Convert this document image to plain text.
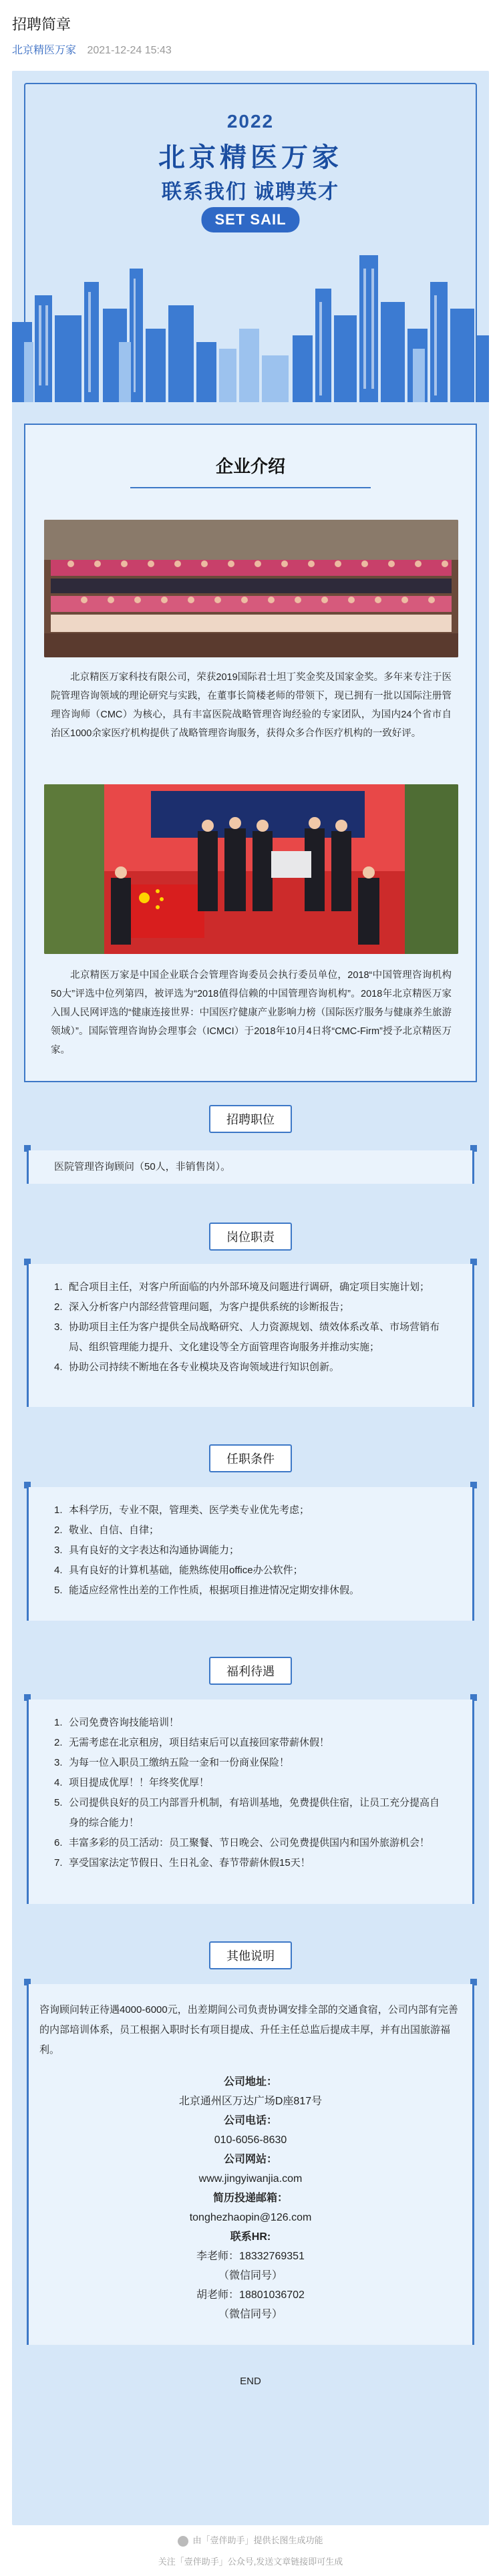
招聘简章
北京精医万家 2021-12-24 15:43
2022
北京精医万家
联系我们 诚聘英才
SET SAIL
企业介绍
北京精医万家科技有限公司，荣获2019国际君士坦丁奖金奖及国家金奖。多年来专注于医院管理咨询领域的理论研究与实践，在董事长简楼老师的带领下，现已拥有一批以国际注册管理咨询师（CMC）为核心，具有丰富医院战略管理咨询经验的专家团队，为国内24个省市自治区1000余家医疗机构提供了战略管理咨询服务，获得众多合作医疗机构的一致好评。
北京精医万家是中国企业联合会管理咨询委员会执行委员单位，2018“中国管理咨询机构50大”评选中位列第四，被评选为“2018值得信赖的中国管理咨询机构”。2018年北京精医万家入围人民网评选的“健康连接世界：中国医疗健康产业影响力榜（国际医疗服务与健康养生旅游领域）”。国际管理咨询协会理事会（ICMCI）于2018年10月4日将“CMC-Firm”授予北京精医万家。
招聘职位
医院管理咨询顾问（50人，非销售岗）。
岗位职责
1. 配合项目主任，对客户所面临的内外部环境及问题进行调研，确定项目实施计划；
2. 深入分析客户内部经营管理问题，为客户提供系统的诊断报告；
3. 协助项目主任为客户提供全局战略研究、人力资源规划、绩效体系改革、市场营销布局、组织管理能力提升、文化建设等全方面管理咨询服务并推动实施；
4. 协助公司持续不断地在各专业模块及咨询领域进行知识创新。
任职条件
1. 本科学历，专业不限，管理类、医学类专业优先考虑；
2. 敬业、自信、自律；
3. 具有良好的文字表达和沟通协调能力；
4. 具有良好的计算机基础，能熟练使用office办公软件；
5. 能适应经常性出差的工作性质，根据项目推进情况定期安排休假。
福利待遇
1. 公司免费咨询技能培训！
2. 无需考虑在北京租房，项目结束后可以直接回家带薪休假！
3. 为每一位入职员工缴纳五险一金和一份商业保险！
4. 项目提成优厚！！年终奖优厚！
5. 公司提供良好的员工内部晋升机制，有培训基地，免费提供住宿，让员工充分提高自身的综合能力！
6. 丰富多彩的员工活动：员工聚餐、节日晚会、公司免费提供国内和国外旅游机会！
7. 享受国家法定节假日、生日礼金、春节带薪休假15天！
其他说明
咨询顾问转正待遇4000-6000元，出差期间公司负责协调安排全部的交通食宿，公司内部有完善的内部培训体系，员工根据入职时长有项目提成、升任主任总监后提成丰厚，并有出国旅游福利。
公司地址：
北京通州区万达广场D座817号
公司电话：
010-6056-8630
公司网站：
www.jingyiwanjia.com
简历投递邮箱：
tonghezhaopin@126.com
联系HR:
李老师：18332769351
（微信同号）
胡老师：18801036702
（微信同号）
END
由「壹伴助手」提供长图生成功能
关注「壹伴助手」公众号,发送文章链接即可生成
